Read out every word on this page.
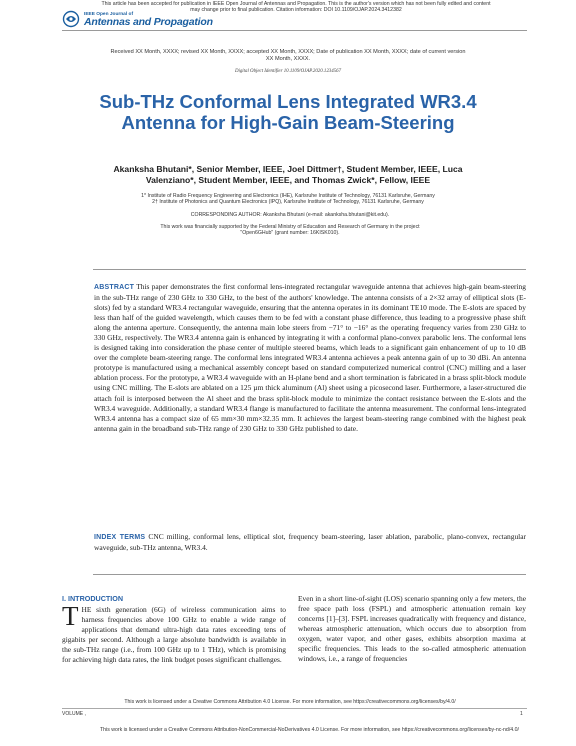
This article has been accepted for publication in IEEE Open Journal of Antennas and Propagation. This is the author's version which has not been fully edited and content may change prior to final publication. Citation information: DOI 10.1109/OJAP.2024.3412382
IEEE Open Journal of
Antennas and Propagation
Received XX Month, XXXX; revised XX Month, XXXX; accepted XX Month, XXXX; Date of publication XX Month, XXXX; date of current version XX Month, XXXX.
Digital Object Identifier 10.1109/OJAP.2020.1234567
Sub-THz Conformal Lens Integrated WR3.4 Antenna for High-Gain Beam-Steering
Akanksha Bhutani*, Senior Member, IEEE, Joel Dittmer†, Student Member, IEEE, Luca Valenziano*, Student Member, IEEE, and Thomas Zwick*, Fellow, IEEE
1* Institute of Radio Frequency Engineering and Electronics (IHE), Karlsruhe Institute of Technology, 76131 Karlsruhe, Germany
2† Institute of Photonics and Quantum Electronics (IPQ), Karlsruhe Institute of Technology, 76131 Karlsruhe, Germany
CORRESPONDING AUTHOR: Akanksha Bhutani (e-mail: akanksha.bhutani@kit.edu).
This work was financially supported by the Federal Ministry of Education and Research of Germany in the project "Open6GHub" (grant number: 16KISK010).
ABSTRACT This paper demonstrates the first conformal lens-integrated rectangular waveguide antenna that achieves high-gain beam-steering in the sub-THz range of 230 GHz to 330 GHz, to the best of the authors' knowledge. The antenna consists of a 2×32 array of elliptical slots (E-slots) fed by a standard WR3.4 rectangular waveguide, ensuring that the antenna operates in its dominant TE10 mode. The E-slots are spaced by less than half of the guided wavelength, which causes them to be fed with a constant phase difference, thus leading to a progressive phase shift along the antenna aperture. Consequently, the antenna main lobe steers from −71° to −16° as the operating frequency varies from 230 GHz to 330 GHz, respectively. The WR3.4 antenna gain is enhanced by integrating it with a conformal plano-convex parabolic lens. The conformal lens is designed taking into consideration the phase center of multiple steered beams, which leads to a significant gain enhancement of up to 10 dB over the complete beam-steering range. The conformal lens integrated WR3.4 antenna achieves a peak antenna gain of up to 30 dBi. An antenna prototype is manufactured using a mechanical assembly concept based on standard computerized numerical control (CNC) milling and a laser ablation process. For the prototype, a WR3.4 waveguide with an H-plane bend and a short termination is fabricated in a brass split-block module using CNC milling. The E-slots are ablated on a 125 µm thick aluminum (Al) sheet using a picosecond laser. Furthermore, a laser-structured die attach foil is interposed between the Al sheet and the brass split-block module to minimize the contact resistance between the E-slots and the WR3.4 waveguide. Additionally, a standard WR3.4 flange is manufactured to facilitate the antenna measurement. The conformal lens-integrated WR3.4 antenna has a compact size of 65 mm×30 mm×32.35 mm. It achieves the largest beam-steering range combined with the highest peak antenna gain in the broadband sub-THz range of 230 GHz to 330 GHz published to date.
INDEX TERMS CNC milling, conformal lens, elliptical slot, frequency beam-steering, laser ablation, parabolic, plano-convex, rectangular waveguide, sub-THz antenna, WR3.4.
I. INTRODUCTION
T HE sixth generation (6G) of wireless communication aims to harness frequencies above 100 GHz to enable a wide range of applications that demand ultra-high data rates exceeding tens of gigabits per second. Although a large absolute bandwidth is available in the sub-THz range (i.e., from 100 GHz up to 1 THz), which is promising for achieving high data rates, the link budget poses significant challenges.
Even in a short line-of-sight (LOS) scenario spanning only a few meters, the free space path loss (FSPL) and atmospheric attenuation remain key concerns [1]–[3]. FSPL increases quadratically with frequency and distance, whereas atmospheric attenuation, which occurs due to absorption from oxygen, water vapor, and other gases, exhibits absorption maxima at specific frequencies. This leads to the so-called atmospheric attenuation windows, i.e., a range of frequencies
This work is licensed under a Creative Commons Attribution 4.0 License. For more information, see https://creativecommons.org/licenses/by/4.0/
VOLUME ,	1
This work is licensed under a Creative Commons Attribution-NonCommercial-NoDerivatives 4.0 License. For more information, see https://creativecommons.org/licenses/by-nc-nd/4.0/
